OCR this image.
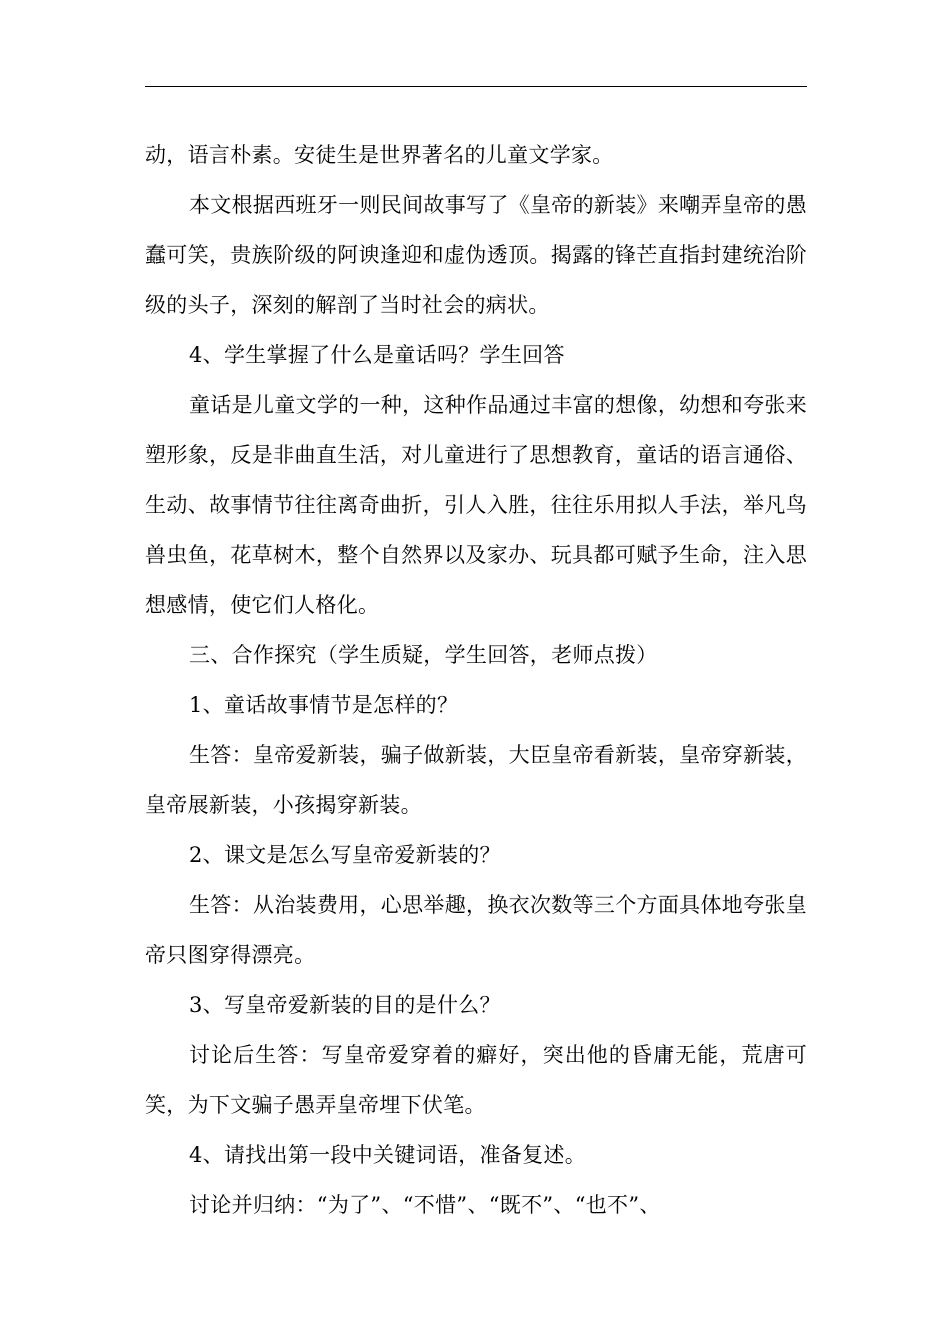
动，语言朴素。安徒生是世界著名的儿童文学家。

本文根据西班牙一则民间故事写了《皇帝的新装》来嘲弄皇帝的愚蠢可笑，贵族阶级的阿谀逢迎和虚伪透顶。揭露的锋芒直指封建统治阶级的头子，深刻的解剖了当时社会的病状。

4、学生掌握了什么是童话吗？学生回答

童话是儿童文学的一种，这种作品通过丰富的想像，幼想和夸张来塑形象，反是非曲直生活，对儿童进行了思想教育，童话的语言通俗、生动、故事情节往往离奇曲折，引人入胜，往往乐用拟人手法，举凡鸟兽虫鱼，花草树木，整个自然界以及家办、玩具都可赋予生命，注入思想感情，使它们人格化。

三、合作探究（学生质疑，学生回答，老师点拨）

1、童话故事情节是怎样的？

生答：皇帝爱新装，骗子做新装，大臣皇帝看新装，皇帝穿新装，皇帝展新装，小孩揭穿新装。

2、课文是怎么写皇帝爱新装的？

生答：从治装费用，心思举趣，换衣次数等三个方面具体地夸张皇帝只图穿得漂亮。

3、写皇帝爱新装的目的是什么？

讨论后生答：写皇帝爱穿着的癖好，突出他的昏庸无能，荒唐可笑，为下文骗子愚弄皇帝埋下伏笔。

4、请找出第一段中关键词语，准备复述。

讨论并归纳：“为了”、“不惜”、“既不”、“也不”、
